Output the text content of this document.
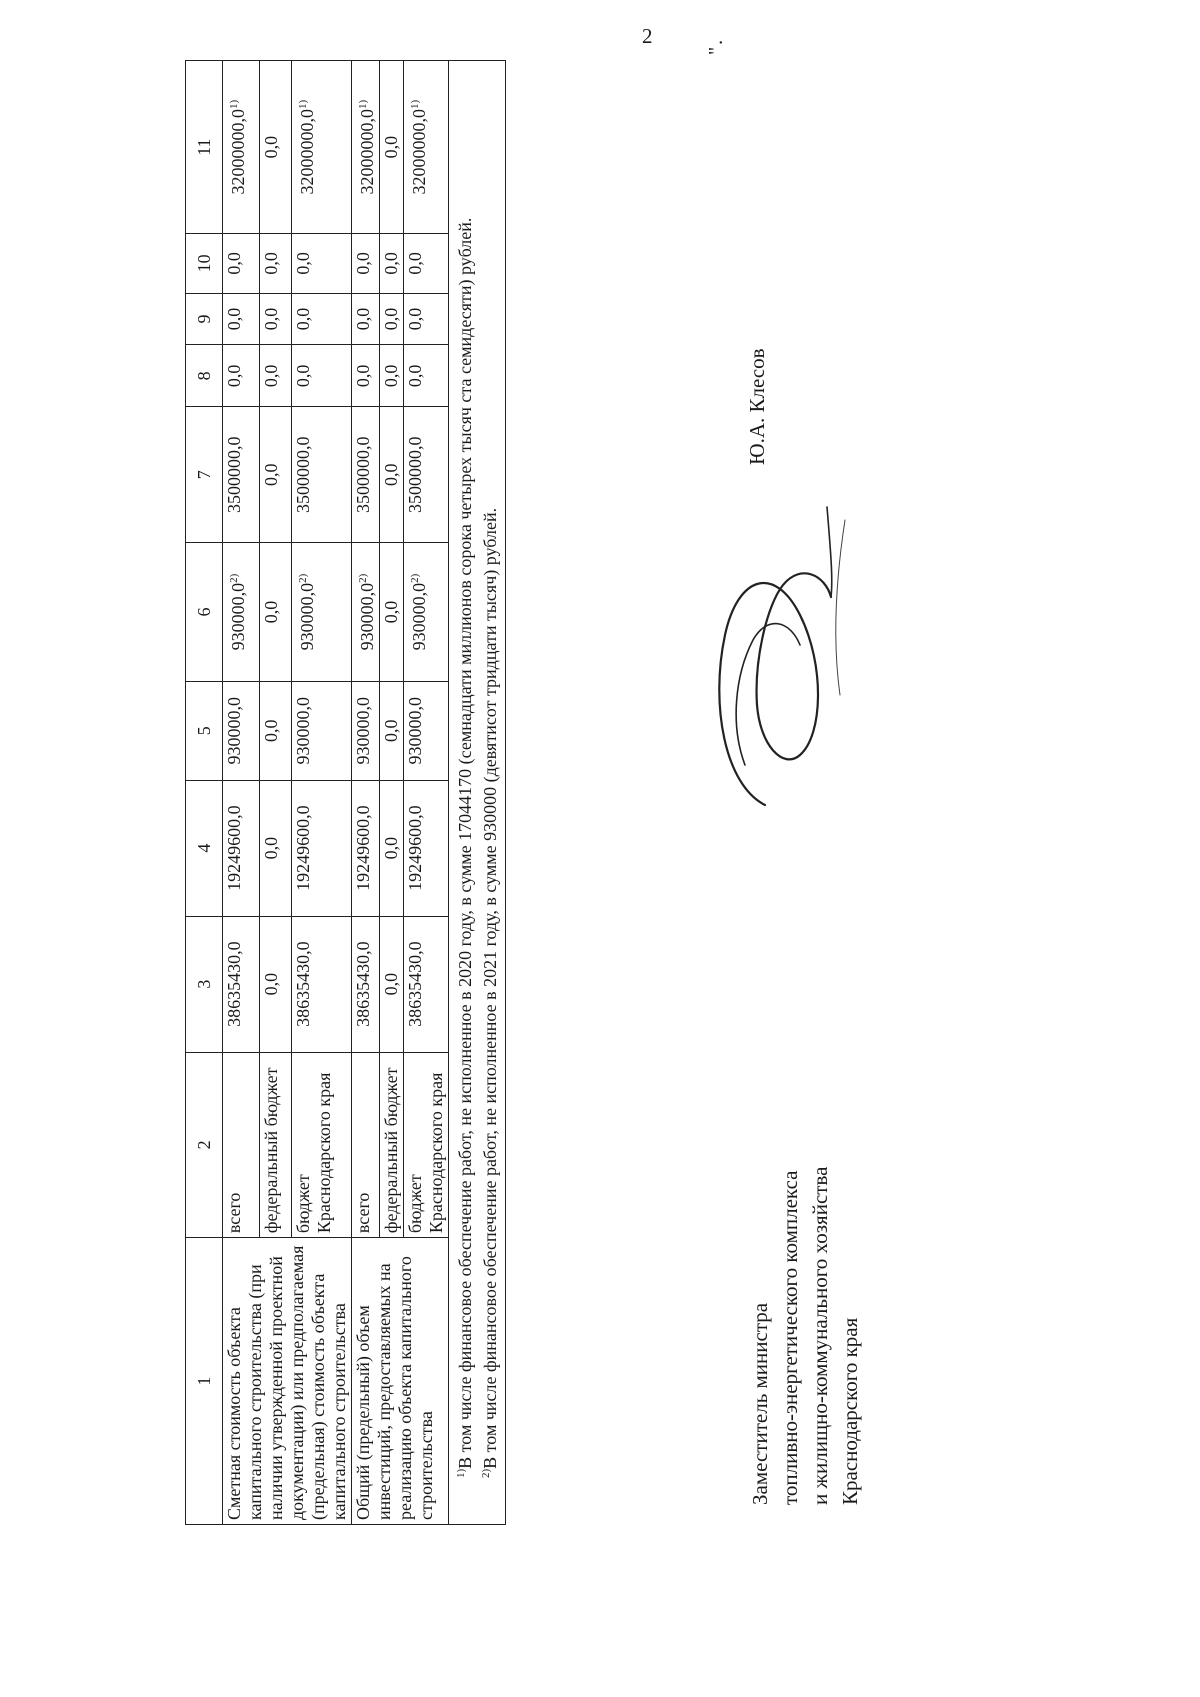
2
1	2	3	4	5	6	7	8	9	10	11
Сметная стоимость объекта капитального строительства (при наличии утвержденной проектной документации) или предполагаемая (предельная) стоимость объекта капитального строительства	всего	38635430,0	19249600,0	930000,0	930000,0$^{2)}$	3500000,0	0,0	0,0	0,0	32000000,0$^{1)}$
	федеральный бюджет	0,0	0,0	0,0	0,0	0,0	0,0	0,0	0,0	0,0
	бюджет Краснодарского края	38635430,0	19249600,0	930000,0	930000,0$^{2)}$	3500000,0	0,0	0,0	0,0	32000000,0$^{1)}$
Общий (предельный) объем инвестиций, предоставляемых на реализацию объекта капитального строительства	всего	38635430,0	19249600,0	930000,0	930000,0$^{2)}$	3500000,0	0,0	0,0	0,0	32000000,0$^{1)}$
	федеральный бюджет	0,0	0,0	0,0	0,0	0,0	0,0	0,0	0,0	0,0
	бюджет Краснодарского края	38635430,0	19249600,0	930000,0	930000,0$^{2)}$	3500000,0	0,0	0,0	0,0	32000000,0$^{1)}$

$^{1)}$В том числе финансовое обеспечение работ, не исполненное в 2020 году, в сумме 17044170 (семнадцати миллионов сорока четырех тысяч ста семидесяти) рублей.

$^{2)}$В том числе финансовое обеспечение работ, не исполненное в 2021 году, в сумме 930000 (девятисот тридцати тысяч) рублей.										

".
Заместитель министра топливно-энергетического комплекса и жилищно-коммунального хозяйства Краснодарского края
Ю.А. Клесов
